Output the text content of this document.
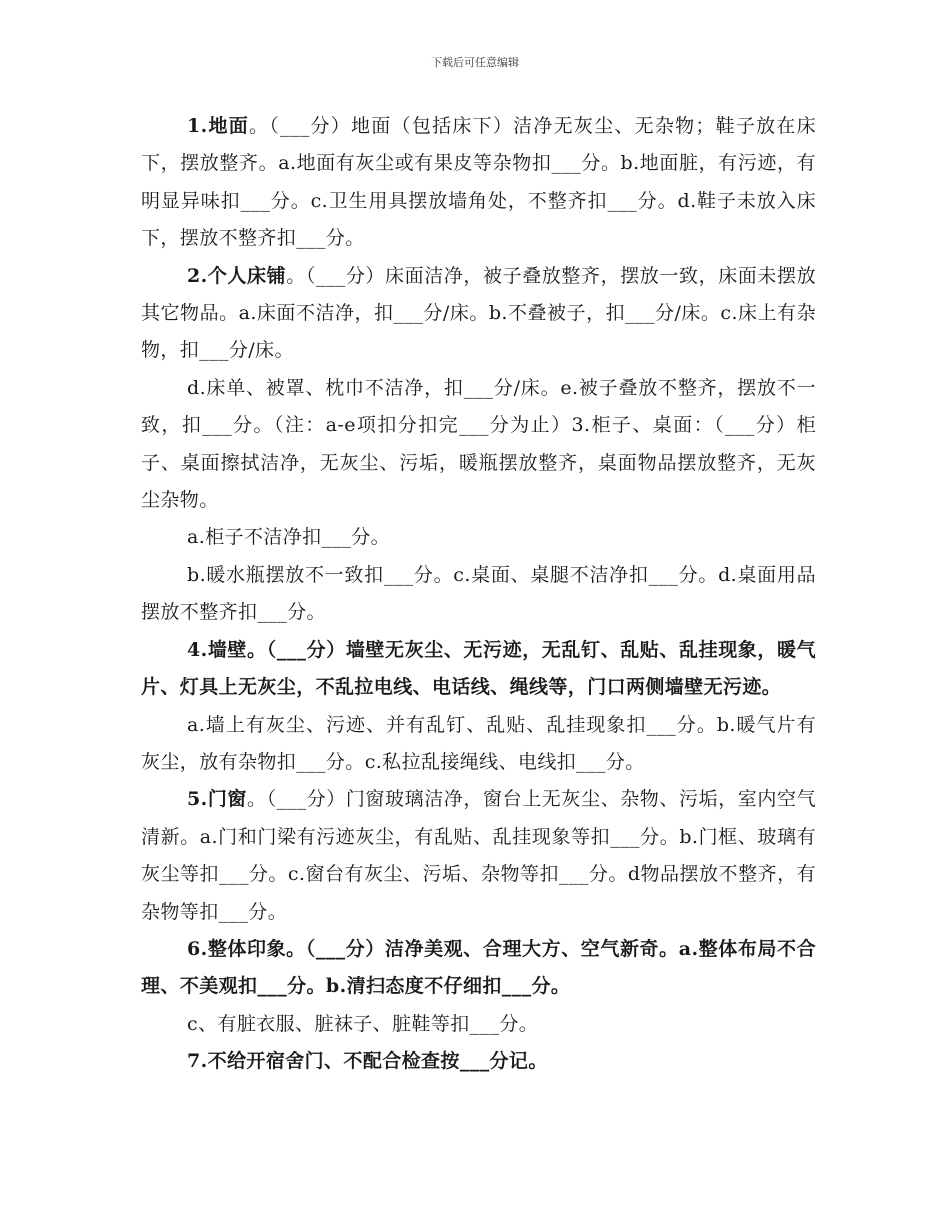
下载后可任意编辑

1.地面。（___分）地面（包括床下）洁净无灰尘、无杂物；鞋子放在床下，摆放整齐。a.地面有灰尘或有果皮等杂物扣___分。b.地面脏，有污迹，有明显异味扣___分。c.卫生用具摆放墙角处，不整齐扣___分。d.鞋子未放入床下，摆放不整齐扣___分。

2.个人床铺。（___分）床面洁净，被子叠放整齐，摆放一致，床面未摆放其它物品。a.床面不洁净，扣___分/床。b.不叠被子，扣___分/床。c.床上有杂物，扣___分/床。

d.床单、被罩、枕巾不洁净，扣___分/床。e.被子叠放不整齐，摆放不一致，扣___分。（注：a-e项扣分扣完___分为止）3.柜子、桌面：（___分）柜子、桌面擦拭洁净，无灰尘、污垢，暖瓶摆放整齐，桌面物品摆放整齐，无灰尘杂物。

a.柜子不洁净扣___分。

b.暖水瓶摆放不一致扣___分。c.桌面、桌腿不洁净扣___分。d.桌面用品摆放不整齐扣___分。

4.墙壁。（___分）墙壁无灰尘、无污迹，无乱钉、乱贴、乱挂现象，暖气片、灯具上无灰尘，不乱拉电线、电话线、绳线等，门口两侧墙壁无污迹。

a.墙上有灰尘、污迹、并有乱钉、乱贴、乱挂现象扣___分。b.暖气片有灰尘，放有杂物扣___分。c.私拉乱接绳线、电线扣___分。

5.门窗。（___分）门窗玻璃洁净，窗台上无灰尘、杂物、污垢，室内空气清新。a.门和门梁有污迹灰尘，有乱贴、乱挂现象等扣___分。b.门框、玻璃有灰尘等扣___分。c.窗台有灰尘、污垢、杂物等扣___分。d物品摆放不整齐，有杂物等扣___分。

6.整体印象。（___分）洁净美观、合理大方、空气新奇。a.整体布局不合理、不美观扣___分。b.清扫态度不仔细扣___分。

c、有脏衣服、脏袜子、脏鞋等扣___分。

7.不给开宿舍门、不配合检查按___分记。
